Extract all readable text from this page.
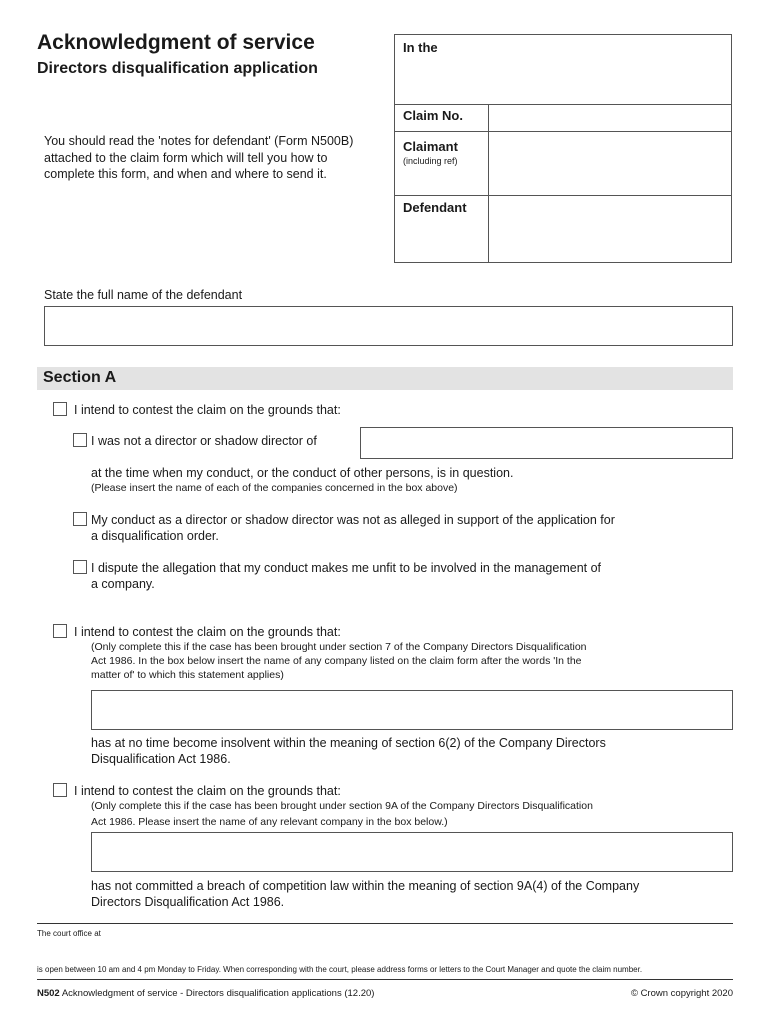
Acknowledgment of service
Directors disqualification application
You should read the 'notes for defendant' (Form N500B) attached to the claim form which will tell you how to complete this form, and when and where to send it.
In the
Claim No.
Claimant
(including ref)
Defendant
State the full name of the defendant
Section A
I intend to contest the claim on the grounds that:
I was not a director or shadow director of
at the time when my conduct, or the conduct of other persons, is in question.
(Please insert the name of each of the companies concerned in the box above)
My conduct as a director or shadow director was not as alleged in support of the application for
a disqualification order.
I dispute the allegation that my conduct makes me unfit to be involved in the management of
a company.
I intend to contest the claim on the grounds that:
(Only complete this if the case has been brought under section 7 of the Company Directors Disqualification
Act 1986. In the box below insert the name of any company listed on the claim form after the words 'In the
matter of' to which this statement applies)
has at no time become insolvent within the meaning of section 6(2) of the Company Directors
Disqualification Act 1986.
I intend to contest the claim on the grounds that:
(Only complete this if the case has been brought under section 9A of the Company Directors Disqualification
Act 1986. Please insert the name of any relevant company in the box below.)
has not committed a breach of competition law within the meaning of section 9A(4) of the Company
Directors Disqualification Act 1986.
The court office at
is open between 10 am and 4 pm Monday to Friday. When corresponding with the court, please address forms or letters to the Court Manager and quote the claim number.
N502 Acknowledgment of service - Directors disqualification applications (12.20)	© Crown copyright 2020
